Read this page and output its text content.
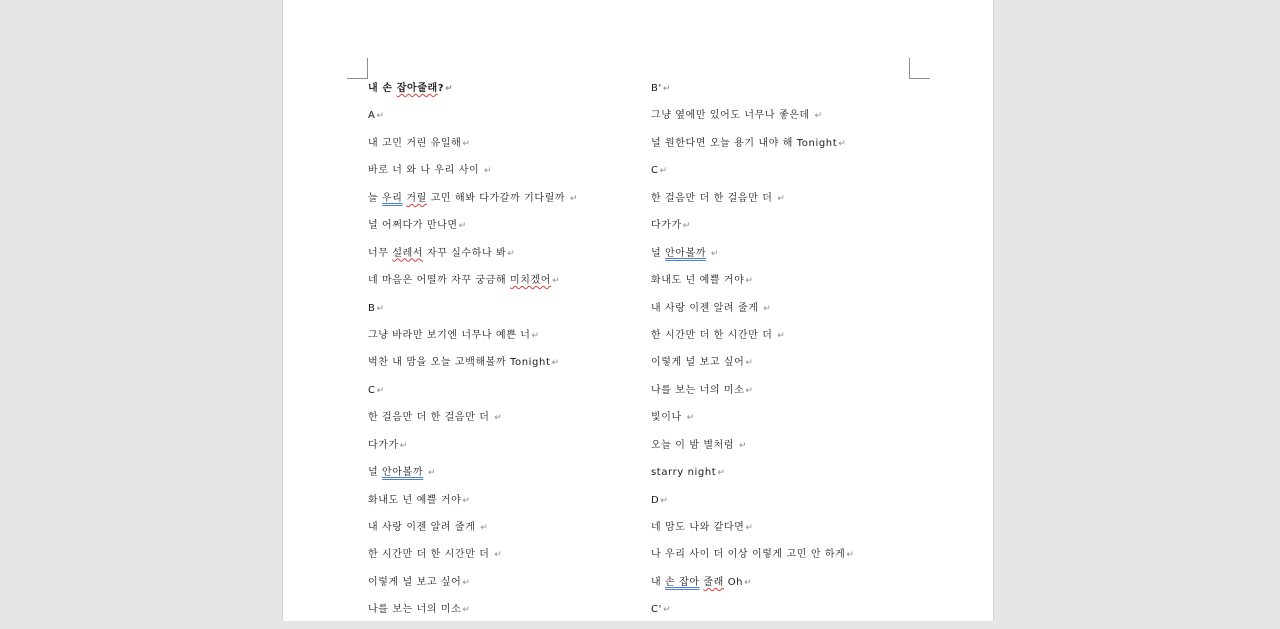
내 손 잡아줄래?↵
A↵
내 고민 거린 유일해↵
바로 너 와 나 우리 사이 ↵
늘 우리 거릴 고민 해봐 다가갈까 기다릴까 ↵
널 어쩌다가 만나면↵
너무 설레서 자꾸 실수하나 봐↵
네 마음은 어떨까 자꾸 궁금해 미치겠어↵
B↵
그냥 바라만 보기엔 너무나 예쁜 너↵
벅찬 내 맘을 오늘 고백해볼까 Tonight↵
C↵
한 걸음만 더 한 걸음만 더 ↵
다가가↵
널 안아볼까 ↵
화내도 넌 예쁠 거야↵
내 사랑 이젠 알려 줄게 ↵
한 시간만 더 한 시간만 더 ↵
이렇게 널 보고 싶어↵
나를 보는 너의 미소↵
B'↵
그냥 옆에만 있어도 너무나 좋은데 ↵
널 원한다면 오늘 용기 내야 해 Tonight↵
C↵
한 걸음만 더 한 걸음만 더 ↵
다가가↵
널 안아볼까 ↵
화내도 넌 예쁠 거야↵
내 사랑 이젠 알려 줄게 ↵
한 시간만 더 한 시간만 더 ↵
이렇게 널 보고 싶어↵
나를 보는 너의 미소↵
빛이나 ↵
오늘 이 밤 별처럼 ↵
starry night↵
D↵
네 맘도 나와 같다면↵
나 우리 사이 더 이상 이렇게 고민 안 하게↵
내 손 잡아 줄래 Oh↵
C'↵
